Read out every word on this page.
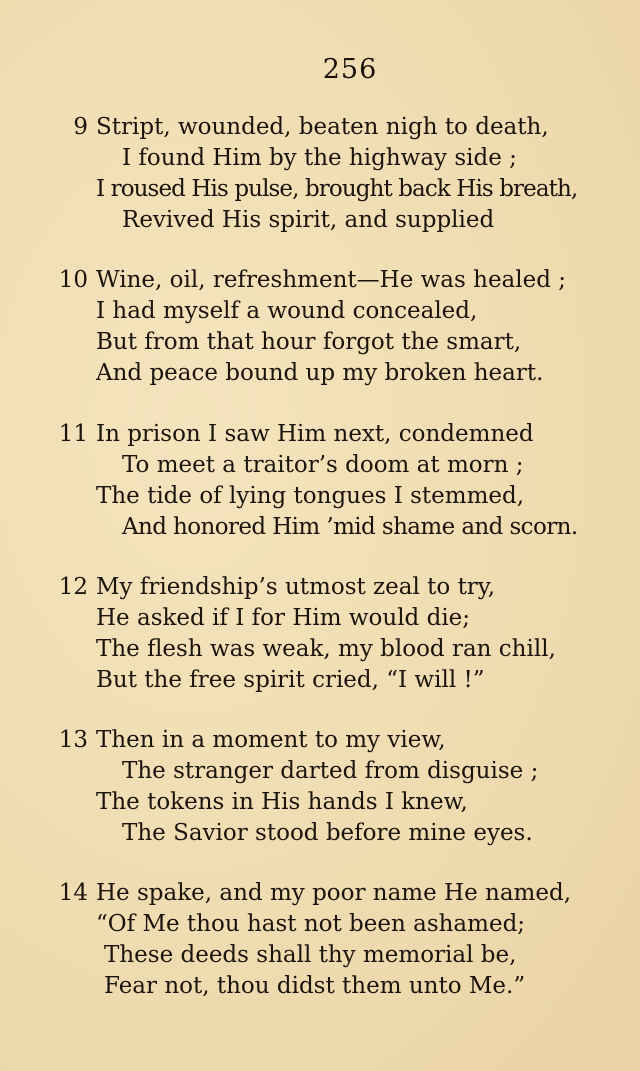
256
9 Stript, wounded, beaten nigh to death,
I found Him by the highway side ;
I roused His pulse, brought back His breath,
Revived His spirit, and supplied
10 Wine, oil, refreshment—He was healed ;
I had myself a wound concealed,
But from that hour forgot the smart,
And peace bound up my broken heart.
11 In prison I saw Him next, condemned
To meet a traitor’s doom at morn ;
The tide of lying tongues I stemmed,
And honored Him ’mid shame and scorn.
12 My friendship’s utmost zeal to try,
He asked if I for Him would die;
The flesh was weak, my blood ran chill,
But the free spirit cried, “I will !”
13 Then in a moment to my view,
The stranger darted from disguise ;
The tokens in His hands I knew,
The Savior stood before mine eyes.
14 He spake, and my poor name He named,
“Of Me thou hast not been ashamed;
These deeds shall thy memorial be,
Fear not, thou didst them unto Me.”
